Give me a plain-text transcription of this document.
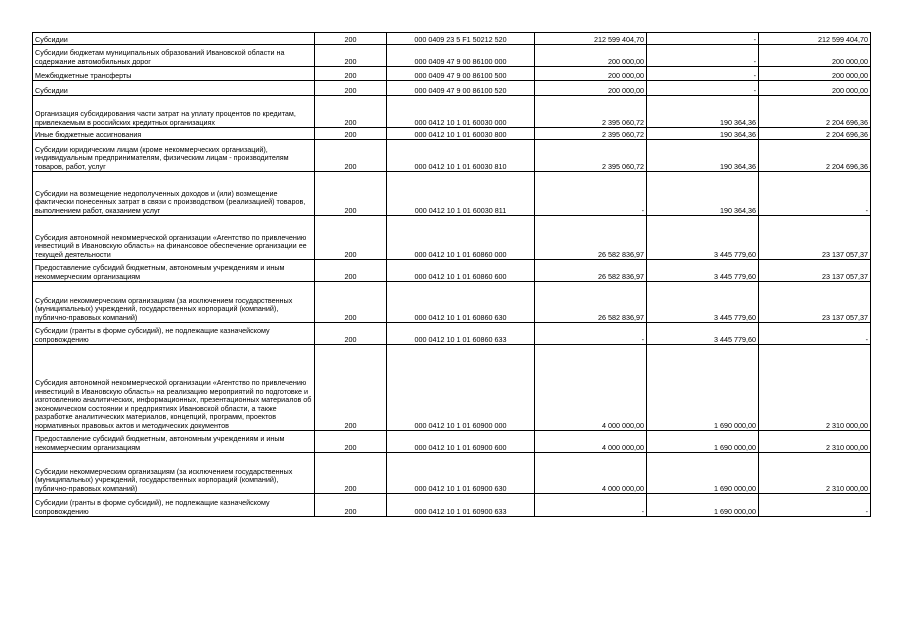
Субсидии	200	000 0409 23 5 F1 50212 520	212 599 404,70	-	212 599 404,70
Субсидии бюджетам муниципальных образований Ивановской области на содержание автомобильных дорог	200	000 0409 47 9 00 86100 000	200 000,00	-	200 000,00
Межбюджетные трансферты	200	000 0409 47 9 00 86100 500	200 000,00	-	200 000,00
Субсидии	200	000 0409 47 9 00 86100 520	200 000,00	-	200 000,00
Организация субсидирования части затрат на уплату процентов по кредитам, привлекаемым в российских кредитных организациях	200	000 0412 10 1 01 60030 000	2 395 060,72	190 364,36	2 204 696,36
Иные бюджетные ассигнования	200	000 0412 10 1 01 60030 800	2 395 060,72	190 364,36	2 204 696,36
Субсидии юридическим лицам (кроме некоммерческих организаций), индивидуальным предпринимателям, физическим лицам - производителям товаров, работ, услуг	200	000 0412 10 1 01 60030 810	2 395 060,72	190 364,36	2 204 696,36
Субсидии на возмещение недополученных доходов и (или) возмещение фактически понесенных затрат в связи с производством (реализацией) товаров, выполнением работ, оказанием услуг	200	000 0412 10 1 01 60030 811	-	190 364,36	-
Субсидия автономной некоммерческой организации «Агентство по привлечению инвестиций в Ивановскую область» на финансовое обеспечение организации ее текущей деятельности	200	000 0412 10 1 01 60860 000	26 582 836,97	3 445 779,60	23 137 057,37
Предоставление субсидий бюджетным, автономным учреждениям и иным некоммерческим организациям	200	000 0412 10 1 01 60860 600	26 582 836,97	3 445 779,60	23 137 057,37
Субсидии некоммерческим организациям (за исключением государственных (муниципальных) учреждений, государственных корпораций (компаний), публично-правовых компаний)	200	000 0412 10 1 01 60860 630	26 582 836,97	3 445 779,60	23 137 057,37
Субсидии (гранты в форме субсидий), не подлежащие казначейскому сопровождению	200	000 0412 10 1 01 60860 633	-	3 445 779,60	-
Субсидия автономной некоммерческой организации «Агентство по привлечению инвестиций в Ивановскую область» на реализацию мероприятий по подготовке и изготовлению аналитических, информационных, презентационных материалов об экономическом состоянии и предприятиях Ивановской области, а также разработке аналитических материалов, концепций, программ, проектов нормативных правовых актов и методических документов	200	000 0412 10 1 01 60900 000	4 000 000,00	1 690 000,00	2 310 000,00
Предоставление субсидий бюджетным, автономным учреждениям и иным некоммерческим организациям	200	000 0412 10 1 01 60900 600	4 000 000,00	1 690 000,00	2 310 000,00
Субсидии некоммерческим организациям (за исключением государственных (муниципальных) учреждений, государственных корпораций (компаний), публично-правовых компаний)	200	000 0412 10 1 01 60900 630	4 000 000,00	1 690 000,00	2 310 000,00
Субсидии (гранты в форме субсидий), не подлежащие казначейскому сопровождению	200	000 0412 10 1 01 60900 633	-	1 690 000,00	-
